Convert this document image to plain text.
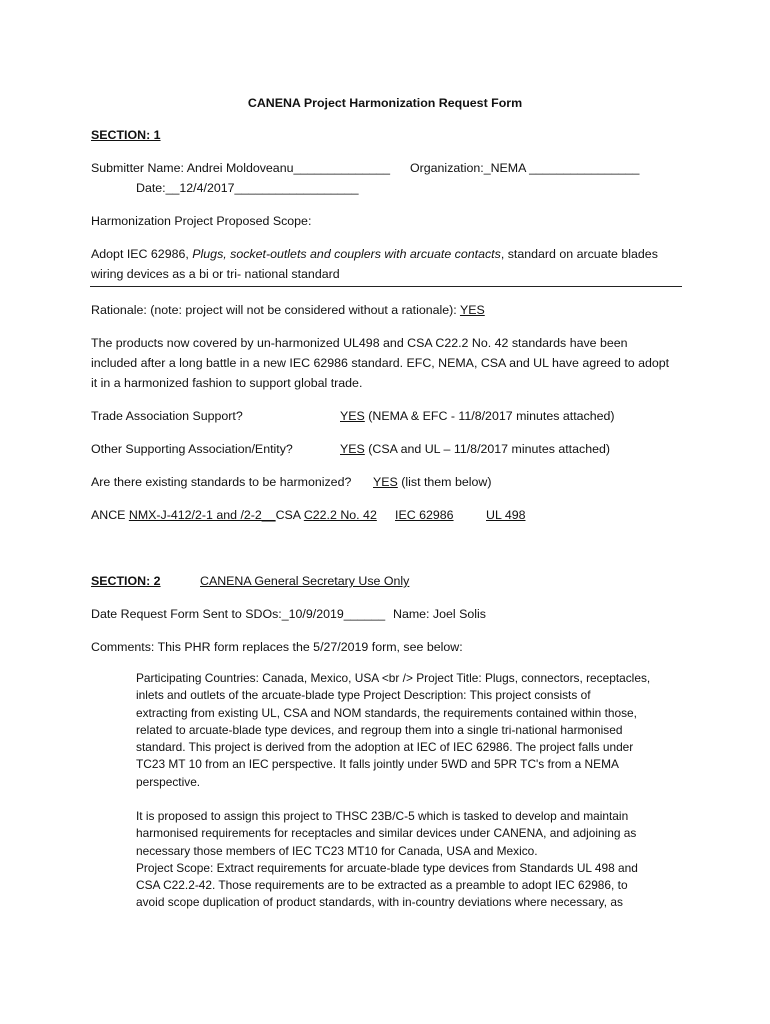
CANENA Project Harmonization Request Form
SECTION: 1
Submitter Name: Andrei Moldoveanu______________ Organization:_NEMA ________________
Date:__12/4/2017__________________
Harmonization Project Proposed Scope:
Adopt IEC 62986, Plugs, socket-outlets and couplers with arcuate contacts, standard on arcuate blades
wiring devices as a bi or tri- national standard
Rationale: (note: project will not be considered without a rationale): YES
The products now covered by un-harmonized UL498 and CSA C22.2 No. 42 standards have been
included after a long battle in a new IEC 62986 standard. EFC, NEMA, CSA and UL have agreed to adopt
it in a harmonized fashion to support global trade.
Trade Association Support?	YES (NEMA & EFC - 11/8/2017 minutes attached)
Other Supporting Association/Entity?	YES (CSA and UL – 11/8/2017 minutes attached)
Are there existing standards to be harmonized? YES (list them below)
ANCE NMX-J-412/2-1 and /2-2__CSA C22.2 No. 42 IEC 62986	UL 498
SECTION: 2	CANENA General Secretary Use Only
Date Request Form Sent to SDOs:_10/9/2019______ Name: Joel Solis
Comments: This PHR form replaces the 5/27/2019 form, see below:
Participating Countries: Canada, Mexico, USA <br /> Project Title: Plugs, connectors, receptacles,
inlets and outlets of the arcuate-blade type Project Description: This project consists of
extracting from existing UL, CSA and NOM standards, the requirements contained within those,
related to arcuate-blade type devices, and regroup them into a single tri-national harmonised
standard. This project is derived from the adoption at IEC of IEC 62986. The project falls under
TC23 MT 10 from an IEC perspective. It falls jointly under 5WD and 5PR TC's from a NEMA
perspective.
It is proposed to assign this project to THSC 23B/C-5 which is tasked to develop and maintain
harmonised requirements for receptacles and similar devices under CANENA, and adjoining as
necessary those members of IEC TC23 MT10 for Canada, USA and Mexico.
Project Scope: Extract requirements for arcuate-blade type devices from Standards UL 498 and
CSA C22.2-42. Those requirements are to be extracted as a preamble to adopt IEC 62986, to
avoid scope duplication of product standards, with in-country deviations where necessary, as
